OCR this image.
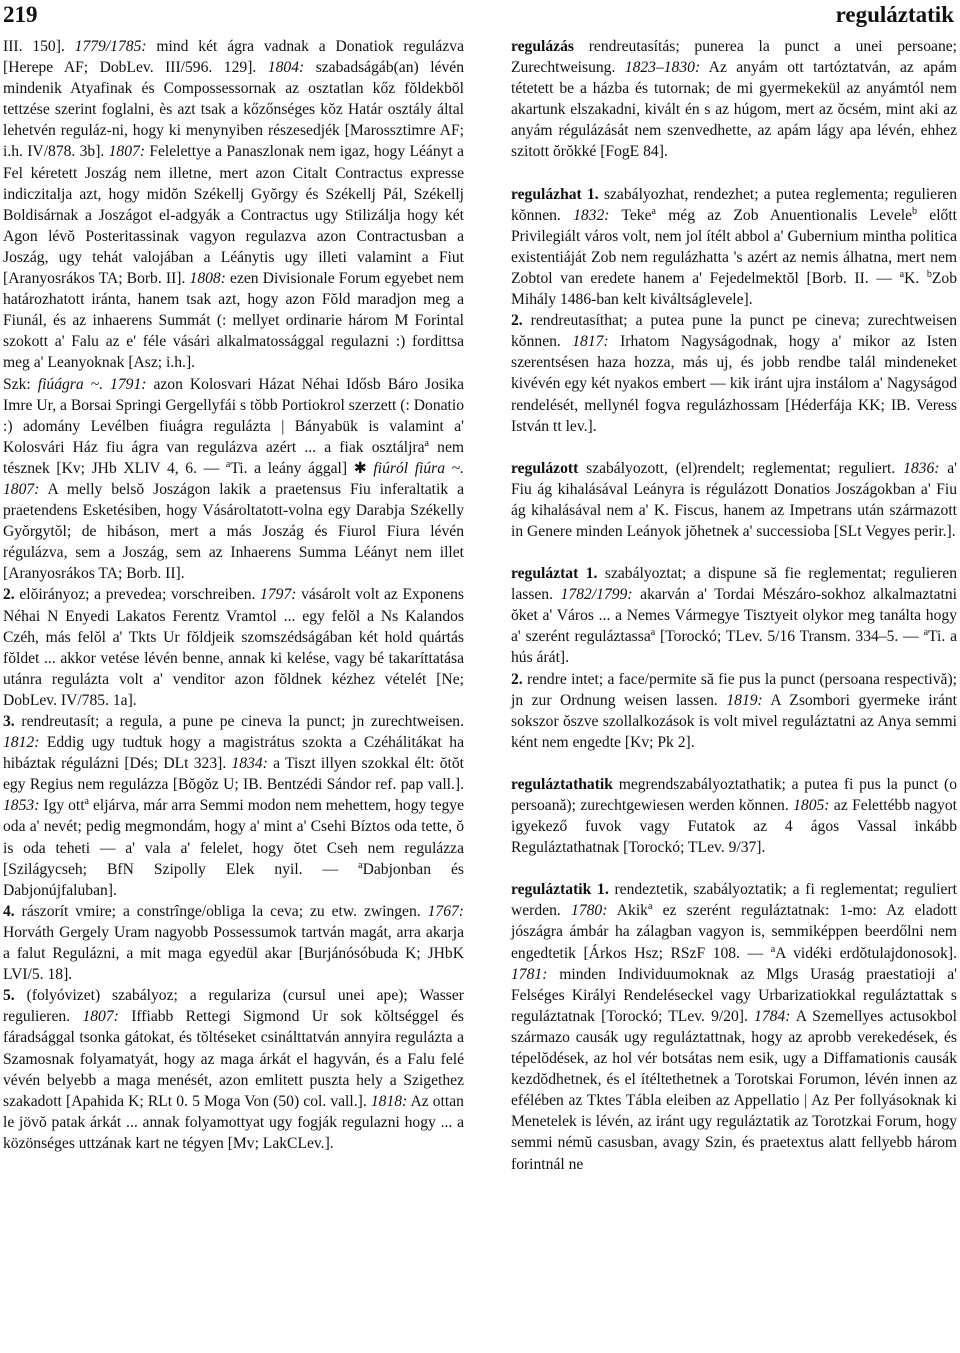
219	reguláztatik

III. 150]. 1779/1785: mind két ágra vadnak a Donatiok regulázva [Herepe AF; DobLev. III/596. 129]. 1804: szabadságáb(an) lévén mindenik Atyafinak és Compossessornak az osztatlan kőz fŏldekbŏl tettzése szerint foglalni, ès azt tsak a kőzőnséges kŏz Határ osztály által lehetvén reguláz-ni, hogy ki menynyiben részesedjék [Marossztimre AF; i.h. IV/878. 3b]. 1807: Felelettye a Panaszlonak nem igaz, hogy Léányt a Fel kéretett Joszág nem illetne, mert azon Citalt Contractus expresse indiczitalja azt, hogy midŏn Székellj Gyŏrgy és Székellj Pál, Székellj Boldisárnak a Joszágot el-adgyák a Contractus ugy Stilizálja hogy két Agon lévŏ Posteritassinak vagyon regulazva azon Contractusban a Joszág, ugy tehát valojában a Léánytis ugy illeti valamint a Fiut [Aranyosrákos TA; Borb. II]. 1808: ezen Divisionale Forum egyebet nem határozhatott iránta, hanem tsak azt, hogy azon Fŏld maradjon meg a Fiunál, és az inhaerens Summát (: mellyet ordinarie három M Forintal szokott a' Falu az e' féle vásári alkalmatossággal regulazni :) fordittsa meg a' Leanyoknak [Asz; i.h.].

Szk: fiúágra ~. 1791: azon Kolosvari Házat Néhai Idősb Báro Josika Imre Ur, a Borsai Springi Gergellyfái s tŏbb Portiokrol szerzett (: Donatio :) adomány Levélben fiuágra regulázta | Bányabük is valamint a' Kolosvári Ház fiu ágra van regulázva azért ... a fiak osztáljra$^a$ nem tésznek [Kv; JHb XLIV 4, 6. — $^a$Ti. a leány ággal] ✱ fiúról fiúra ~. 1807: A melly belsŏ Joszágon lakik a praetensus Fiu inferaltatik a praetendens Esketésiben, hogy Vásároltatott-volna egy Darabja Székelly Gyŏrgytŏl; de hibáson, mert a más Joszág és Fiurol Fiura lévén régulázva, sem a Joszág, sem az Inhaerens Summa Léányt nem illet [Aranyosrákos TA; Borb. II].

2. elŏirányoz; a prevedea; vorschreiben. 1797: vásárolt volt az Exponens Néhai N Enyedi Lakatos Ferentz Vramtol ... egy felŏl a Ns Kalandos Czéh, más felŏl a' Tkts Ur fŏldjeik szomszédságában két hold quártás fŏldet ... akkor vetése lévén benne, annak ki kelése, vagy bé takaríttatása utánra regulázta volt a' venditor azon fŏldnek kézhez vételét [Ne; DobLev. IV/785. 1a].

3. rendreutasít; a regula, a pune pe cineva la punct; jn zurechtweisen. 1812: Eddig ugy tudtuk hogy a magistrátus szokta a Czéhálitákat ha hibáztak régulázni [Dés; DLt 323]. 1834: a Tiszt illyen szokkal élt: ŏtŏt egy Regius nem regulázza [Bŏgŏz U; IB. Bentzédi Sándor ref. pap vall.]. 1853: Igy ott$^a$ eljárva, már arra Semmi modon nem mehettem, hogy tegye oda a' nevét; pedig megmondám, hogy a' mint a' Csehi Bíztos oda tette, ŏ is oda teheti — a' vala a' felelet, hogy ŏtet Cseh nem regulázza [Szilágycseh; BfN Szipolly Elek nyil. — $^a$Dabjonban és Dabjonújfaluban].

4. rászorít vmire; a constrînge/obliga la ceva; zu etw. zwingen. 1767: Horváth Gergely Uram nagyobb Possessumok tartván magát, arra akarja a falut Regulázni, a mit maga egyedül akar [Burjánósóbuda K; JHbK LVI/5. 18].

5. (folyóvizet) szabályoz; a regulariza (cursul unei ape); Wasser regulieren. 1807: Iffiabb Rettegi Sigmond Ur sok kŏltséggel és fáradsággal tsonka gátokat, és tŏltéseket csinálttatván annyira regulázta a Szamosnak folyamatyát, hogy az maga árkát el hagyván, és a Falu felé vévén belyebb a maga menését, azon emlitett puszta hely a Szigethez szakadott [Apahida K; RLt 0. 5 Moga Von (50) col. vall.]. 1818: Az ottan le jövŏ patak árkát ... annak folyamottyat ugy fogják regulazni hogy ... a közönséges uttzának kart ne tégyen [Mv; LakCLev.].

regulázás rendreutasítás; punerea la punct a unei persoane; Zurechtweisung. 1823–1830: Az anyám ott tartóztatván, az apám tétetett be a házba és tutornak; de mi gyermekekül az anyámtól nem akartunk elszakadni, kivált én s az húgom, mert az ŏcsém, mint aki az anyám régulázását nem szenvedhette, az apám lágy apa lévén, ehhez szitott ŏrŏkké [FogE 84].

regulázhat 1. szabályozhat, rendezhet; a putea reglementa; regulieren kŏnnen. 1832: Teke$^a$ még az Zob Anuentionalis Levele$^b$ előtt Privilegiált város volt, nem jol ítélt abbol a' Gubernium mintha politica existentiáját Zob nem regulázhatta 's azért az nemis álhatna, mert nem Zobtol van eredete hanem a' Fejedelmektŏl [Borb. II. — $^a$K. $^b$Zob Mihály 1486-ban kelt kiváltságlevele].

2. rendreutasíthat; a putea pune la punct pe cineva; zurechtweisen kŏnnen. 1817: Irhatom Nagyságodnak, hogy a' mikor az Isten szerentsésen haza hozza, más uj, és jobb rendbe talál mindeneket kivévén egy két nyakos embert — kik iránt ujra instálom a' Nagyságod rendelését, mellynél fogva regulázhossam [Héderfája KK; IB. Veress István tt lev.].

regulázott szabályozott, (el)rendelt; reglementat; reguliert. 1836: a' Fiu ág kihalásával Leányra is régulázott Donatios Joszágokban a' Fiu ág kihalásával nem a' K. Fiscus, hanem az Impetrans után származott in Genere minden Leányok jŏhetnek a' successioba [SLt Vegyes perir.].

reguláztat 1. szabályoztat; a dispune să fie reglementat; regulieren lassen. 1782/1799: akarván a' Tordai Mészáro-sokhoz alkalmaztatni ŏket a' Város ... a Nemes Vármegye Tisztyeit olykor meg tanálta hogy a' szerént reguláztassa$^a$ [Torockó; TLev. 5/16 Transm. 334–5. — $^a$Ti. a hús árát].

2. rendre intet; a face/permite să fie pus la punct (persoana respectivă); jn zur Ordnung weisen lassen. 1819: A Zsombori gyermeke iránt sokszor ŏszve szollalkozások is volt mivel reguláztatni az Anya semmi ként nem engedte [Kv; Pk 2].

reguláztathatik megrendszabályoztathatik; a putea fi pus la punct (o persoană); zurechtgewiesen werden kŏnnen. 1805: az Felettébb nagyot igyekező fuvok vagy Futatok az 4 ágos Vassal inkább Reguláztathatnak [Torockó; TLev. 9/37].

reguláztatik 1. rendeztetik, szabályoztatik; a fi reglementat; reguliert werden. 1780: Akik$^a$ ez szerént reguláztatnak: 1-mo: Az eladott jószágra ámbár ha zálagban vagyon is, semmiképpen beerdőlni nem engedtetik [Árkos Hsz; RSzF 108. — $^a$A vidéki erdŏtulajdonosok]. 1781: minden Individuumoknak az Mlgs Uraság praestatioji a' Felséges Királyi Rendeléseckel vagy Urbarizatiokkal reguláztattak s reguláztatnak [Torockó; TLev. 9/20]. 1784: A Szemellyes actusokbol származo causák ugy reguláztattnak, hogy az aprobb verekedések, és tépelŏdések, az hol vér botsátas nem esik, ugy a Diffamationis causák kezdŏdhetnek, és el ítéltethetnek a Torotskai Forumon, lévén innen az efélében az Tktes Tábla eleiben az Appellatio | Az Per follyásoknak ki Menetelek is lévén, az iránt ugy reguláztatik az Torotzkai Forum, hogy semmi némŭ casusban, avagy Szin, és praetextus alatt fellyebb három forintnál ne
